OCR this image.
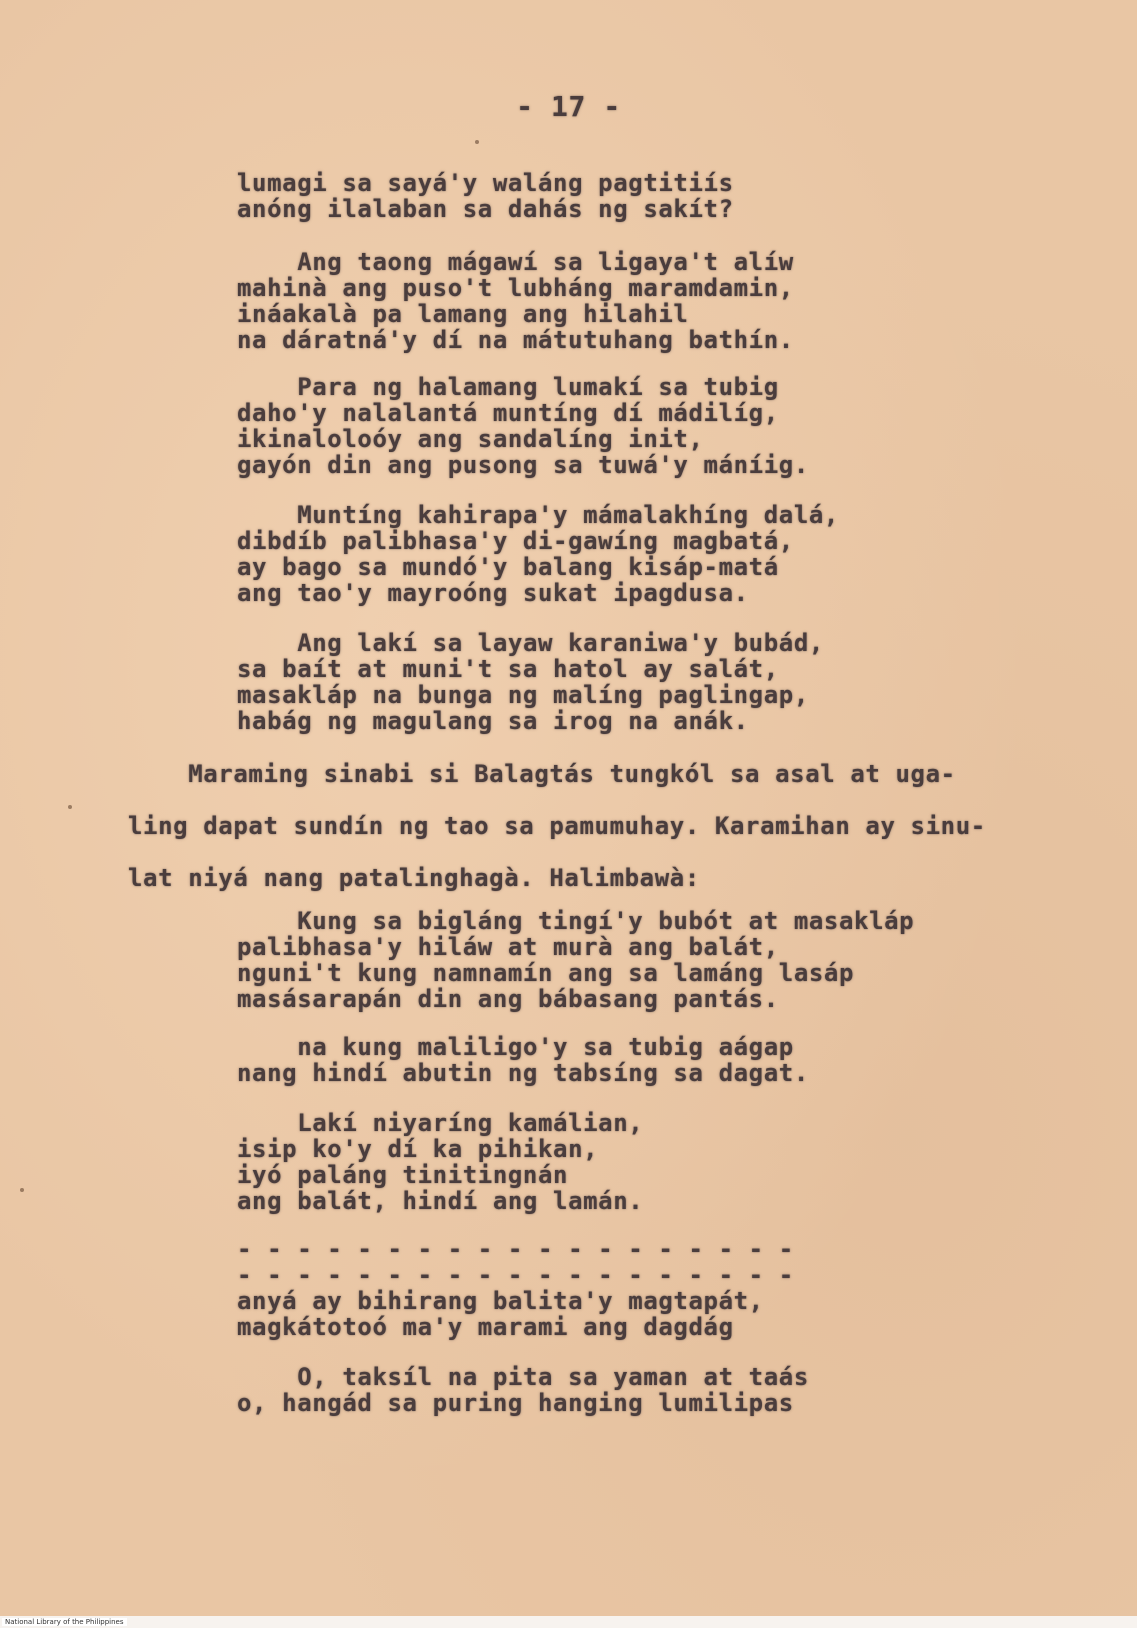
- 17 -
lumagi sa sayá'y waláng pagtitiís
anóng ilalaban sa dahás ng sakít?
Ang taong mágawí sa ligaya't alíw
mahinà ang puso't lubháng maramdamin,
ináakalà pa lamang ang hilahil
na dáratná'y dí na mátutuhang bathín.
Para ng halamang lumakí sa tubig
daho'y nalalantá muntíng dí mádilíg,
ikinaloloóy ang sandalíng init,
gayón din ang pusong sa tuwá'y máníig.
Muntíng kahirapa'y mámalakhíng dalá,
dibdíb palibhasa'y di-gawíng magbatá,
ay bago sa mundó'y balang kisáp-matá
ang tao'y mayroóng sukat ipagdusa.
Ang lakí sa layaw karaniwa'y bubád,
sa baít at muni't sa hatol ay salát,
masakláp na bunga ng malíng paglingap,
habág ng magulang sa irog na anák.
Maraming sinabi si Balagtás tungkól sa asal at uga-
ling dapat sundín ng tao sa pamumuhay. Karamihan ay sinu-
lat niyá nang patalinghagà. Halimbawà:
Kung sa bigláng tingí'y bubót at masakláp
palibhasa'y hiláw at murà ang balát,
nguni't kung namnamín ang sa lamáng lasáp
masásarapán din ang bábasang pantás.
na kung maliligo'y sa tubig aágap
nang hindí abutin ng tabsíng sa dagat.
Lakí niyaríng kamálian,
isip ko'y dí ka pihikan,
iyó paláng tinitingnán
ang balát, hindí ang lamán.
- - - - - - - - - - - - - - - - - - -
- - - - - - - - - - - - - - - - - - -
anyá ay bihirang balita'y magtapát,
magkátotoó ma'y marami ang dagdág
O, taksíl na pita sa yaman at taás
o, hangád sa puring hanging lumilipas
National Library of the Philippines
